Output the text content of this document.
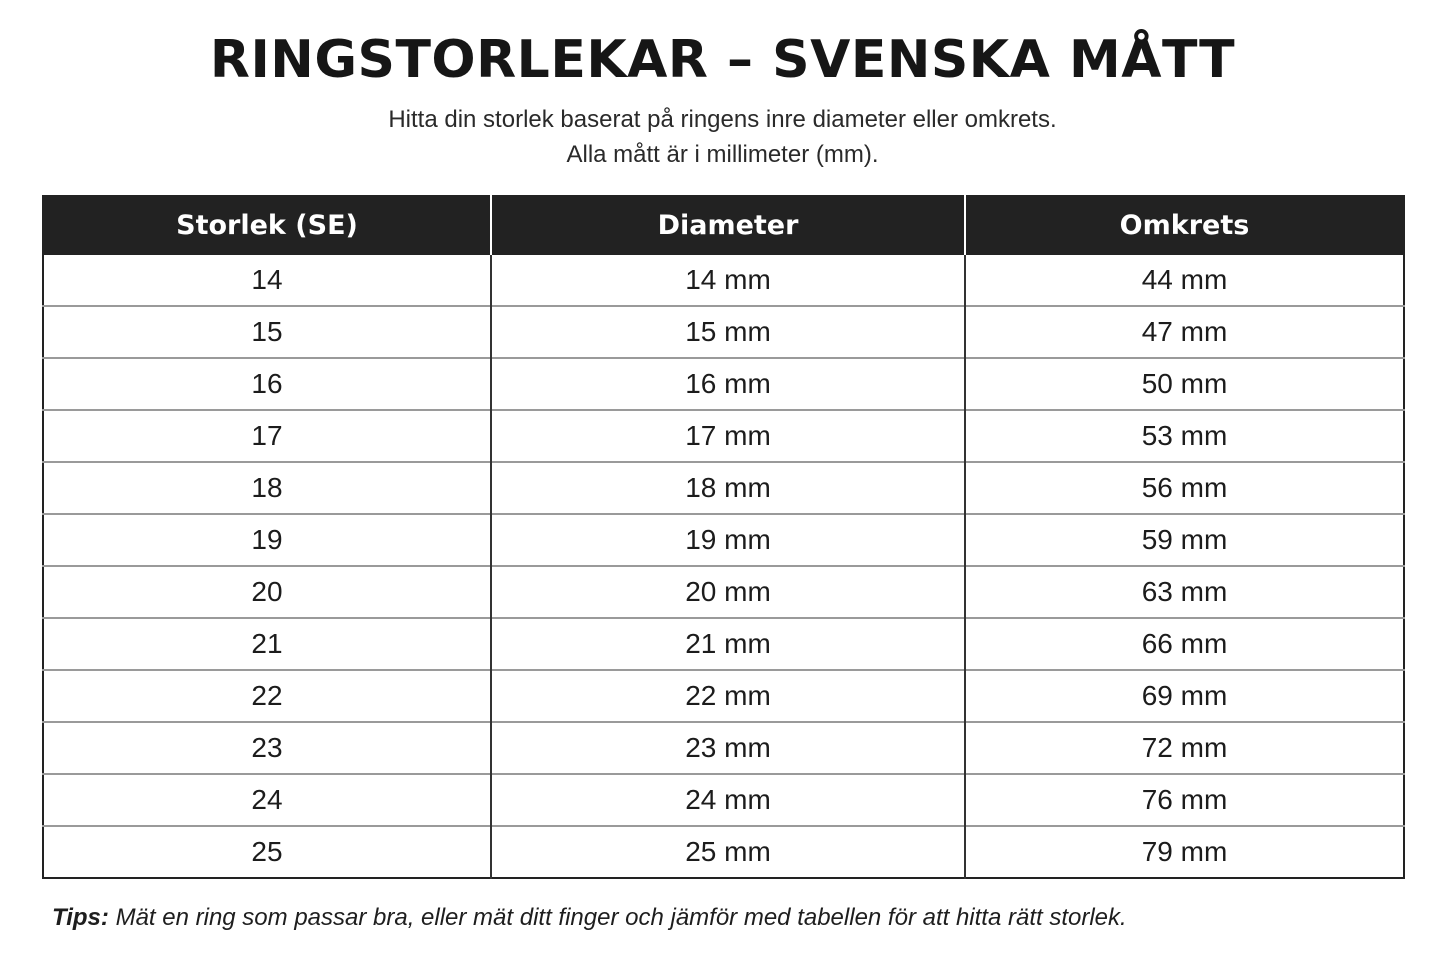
RINGSTORLEKAR – SVENSKA MÅTT
Hitta din storlek baserat på ringens inre diameter eller omkrets.
Alla mått är i millimeter (mm).
Storlek (SE)	Diameter	Omkrets
14	14 mm	44 mm
15	15 mm	47 mm
16	16 mm	50 mm
17	17 mm	53 mm
18	18 mm	56 mm
19	19 mm	59 mm
20	20 mm	63 mm
21	21 mm	66 mm
22	22 mm	69 mm
23	23 mm	72 mm
24	24 mm	76 mm
25	25 mm	79 mm
Tips: Mät en ring som passar bra, eller mät ditt finger och jämför med tabellen för att hitta rätt storlek.
